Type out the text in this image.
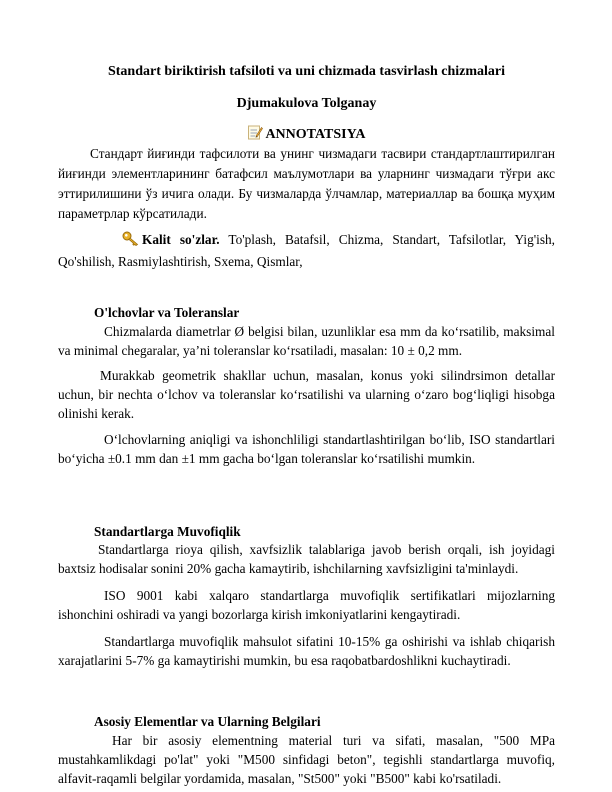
Standart biriktirish tafsiloti va uni chizmada tasvirlash chizmalari
Djumakulova Tolganay
ANNOTATSIYA
Стандарт йиғинди тафсилоти ва унинг чизмадаги тасвири стандартлаштирилган йиғинди элементларининг батафсил маълумотлари ва уларнинг чизмадаги тўғри акс эттирилишини ўз ичига олади. Бу чизмаларда ўлчамлар, материаллар ва бошқа муҳим параметрлар кўрсатилади.
Kalit so'zlar. To'plash, Batafsil, Chizma, Standart, Tafsilotlar, Yig'ish, Qo'shilish, Rasmiylashtirish, Sxema, Qismlar,
O'lchovlar va Toleranslar
Chizmalarda diametrlar Ø belgisi bilan, uzunliklar esa mm da koʻrsatilib, maksimal va minimal chegaralar, ya’ni toleranslar koʻrsatiladi, masalan: 10 ± 0,2 mm.
Murakkab geometrik shakllar uchun, masalan, konus yoki silindrsimon detallar uchun, bir nechta oʻlchov va toleranslar koʻrsatilishi va ularning oʻzaro bogʻliqligi hisobga olinishi kerak.
Oʻlchovlarning aniqligi va ishonchliligi standartlashtirilgan boʻlib, ISO standartlari boʻyicha ±0.1 mm dan ±1 mm gacha boʻlgan toleranslar koʻrsatilishi mumkin.
Standartlarga Muvofiqlik
Standartlarga rioya qilish, xavfsizlik talablariga javob berish orqali, ish joyidagi baxtsiz hodisalar sonini 20% gacha kamaytirib, ishchilarning xavfsizligini ta'minlaydi.
ISO 9001 kabi xalqaro standartlarga muvofiqlik sertifikatlari mijozlarning ishonchini oshiradi va yangi bozorlarga kirish imkoniyatlarini kengaytiradi.
Standartlarga muvofiqlik mahsulot sifatini 10-15% ga oshirishi va ishlab chiqarish xarajatlarini 5-7% ga kamaytirishi mumkin, bu esa raqobatbardoshlikni kuchaytiradi.
Asosiy Elementlar va Ularning Belgilari
Har bir asosiy elementning material turi va sifati, masalan, "500 MPa mustahkamlikdagi po'lat" yoki "M500 sinfidagi beton", tegishli standartlarga muvofiq, alfavit-raqamli belgilar yordamida, masalan, "St500" yoki "B500" kabi ko'rsatiladi.
